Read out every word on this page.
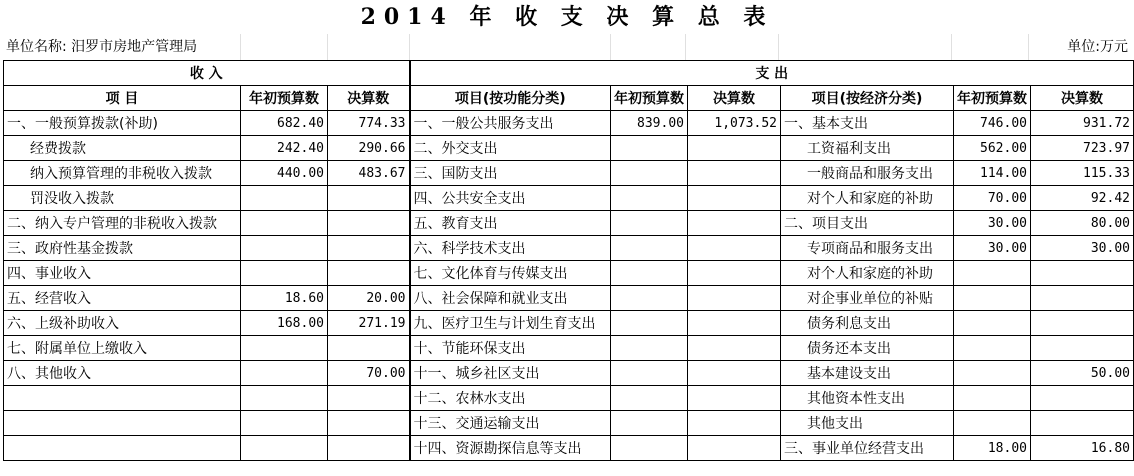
2014 年 收 支 决 算 总 表
单位名称: 汨罗市房地产管理局	单位:万元
收 入			支 出					
项 目	年初预算数	决算数	项目(按功能分类)	年初预算数	决算数	项目(按经济分类)	年初预算数	决算数
一、一般预算拨款(补助)	682.40	774.33	一、一般公共服务支出	839.00	1,073.52	一、基本支出	746.00	931.72
经费拨款	242.40	290.66	二、外交支出			工资福利支出	562.00	723.97
纳入预算管理的非税收入拨款	440.00	483.67	三、国防支出			一般商品和服务支出	114.00	115.33
罚没收入拨款			四、公共安全支出			对个人和家庭的补助	70.00	92.42
二、纳入专户管理的非税收入拨款			五、教育支出			二、项目支出	30.00	80.00
三、政府性基金拨款			六、科学技术支出			专项商品和服务支出	30.00	30.00
四、事业收入			七、文化体育与传媒支出			对个人和家庭的补助		
五、经营收入	18.60	20.00	八、社会保障和就业支出			对企事业单位的补贴		
六、上级补助收入	168.00	271.19	九、医疗卫生与计划生育支出			债务利息支出		
七、附属单位上缴收入			十、节能环保支出			债务还本支出		
八、其他收入		70.00	十一、城乡社区支出			基本建设支出		50.00
			十二、农林水支出			其他资本性支出		
			十三、交通运输支出			其他支出		
			十四、资源勘探信息等支出			三、事业单位经营支出	18.00	16.80
